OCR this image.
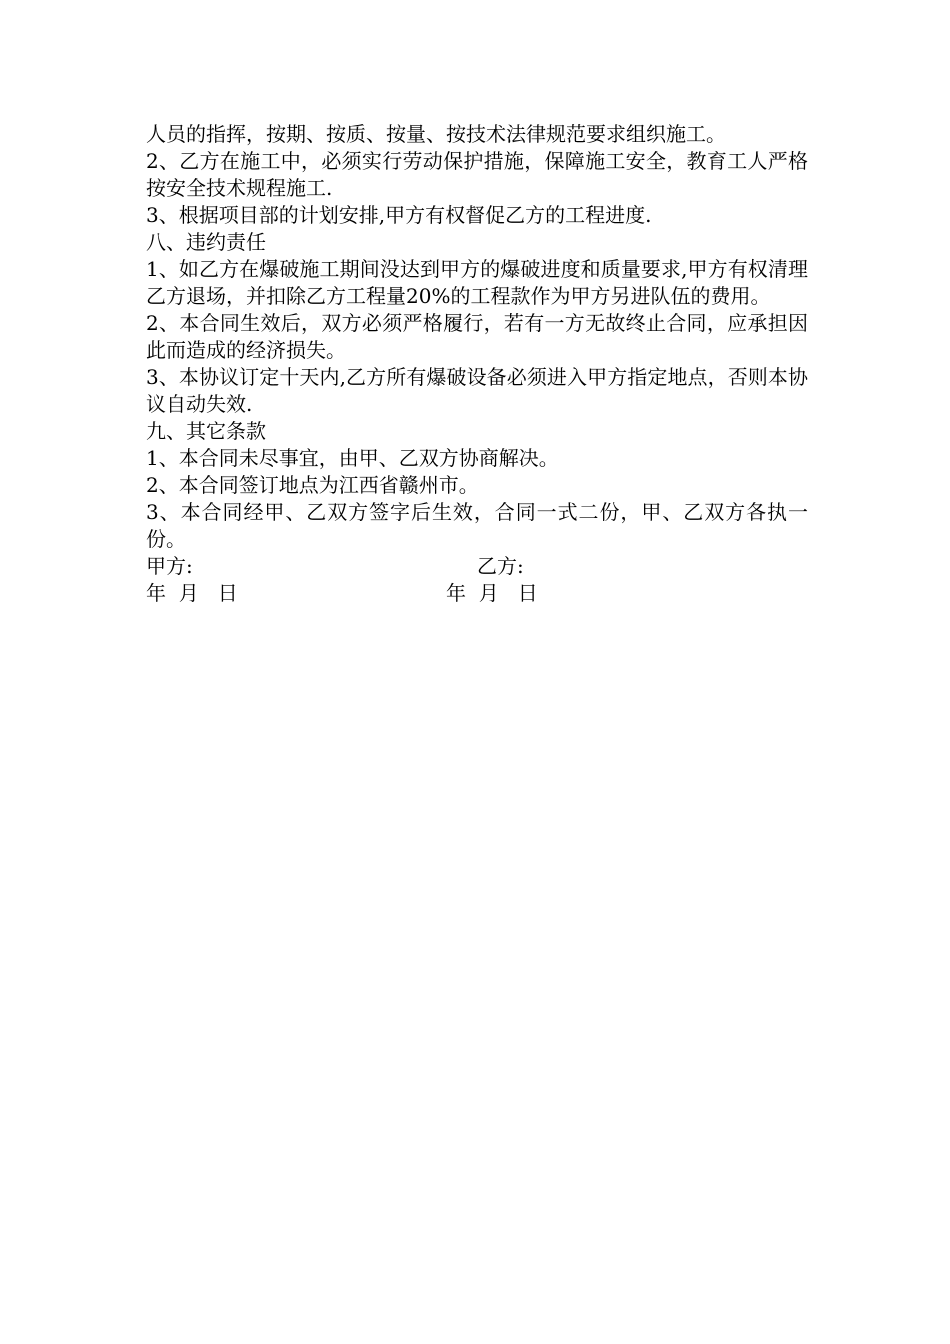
人员的指挥，按期、按质、按量、按技术法律规范要求组织施工。

2、乙方在施工中，必须实行劳动保护措施，保障施工安全，教育工人严格按安全技术规程施工.

3、根据项目部的计划安排,甲方有权督促乙方的工程进度.

八、违约责任

1、如乙方在爆破施工期间没达到甲方的爆破进度和质量要求,甲方有权清理乙方退场，并扣除乙方工程量20%的工程款作为甲方另进队伍的费用。

2、本合同生效后，双方必须严格履行，若有一方无故终止合同，应承担因此而造成的经济损失。

3、本协议订定十天内,乙方所有爆破设备必须进入甲方指定地点，否则本协议自动失效.

九、其它条款

1、本合同未尽事宜，由甲、乙双方协商解决。

2、本合同签订地点为江西省赣州市。

3、本合同经甲、乙双方签字后生效，合同一式二份，甲、乙双方各执一份。

甲方:

	乙方:

年  月   日

	年  月   日
